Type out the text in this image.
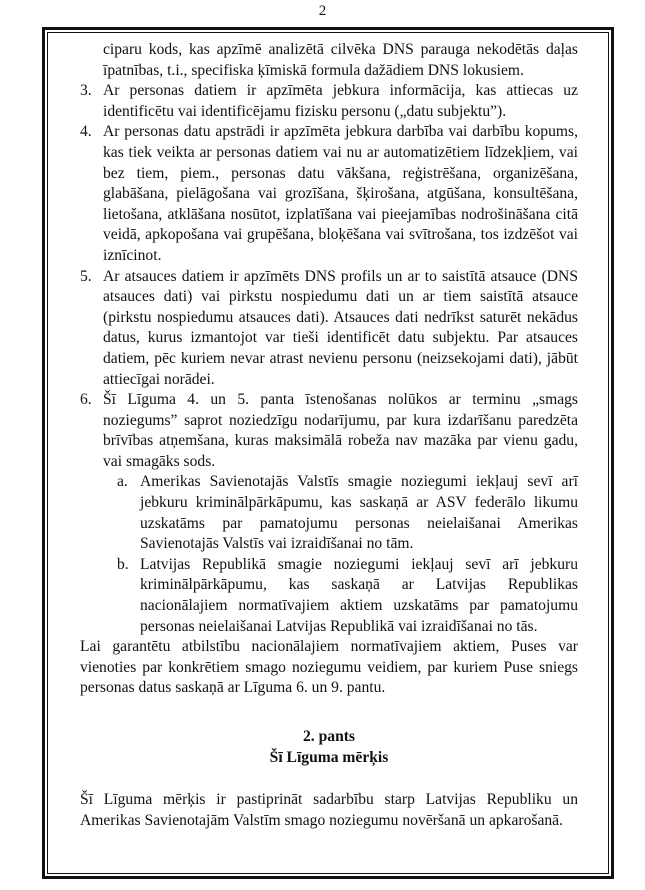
2

ciparu kods, kas apzīmē analizētā cilvēka DNS parauga nekodētās daļas īpatnības, t.i., specifiska ķīmiskā formula dažādiem DNS lokusiem.

3. Ar personas datiem ir apzīmēta jebkura informācija, kas attiecas uz identificētu vai identificējamu fizisku personu („datu subjektu”).
4. Ar personas datu apstrādi ir apzīmēta jebkura darbība vai darbību kopums, kas tiek veikta ar personas datiem vai nu ar automatizētiem līdzekļiem, vai bez tiem, piem., personas datu vākšana, reģistrēšana, organizēšana, glabāšana, pielāgošana vai grozīšana, šķirošana, atgūšana, konsultēšana, lietošana, atklāšana nosūtot, izplatīšana vai pieejamības nodrošināšana citā veidā, apkopošana vai grupēšana, bloķēšana vai svītrošana, tos izdzēšot vai iznīcinot.
5. Ar atsauces datiem ir apzīmēts DNS profils un ar to saistītā atsauce (DNS atsauces dati) vai pirkstu nospiedumu dati un ar tiem saistītā atsauce (pirkstu nospiedumu atsauces dati). Atsauces dati nedrīkst saturēt nekādus datus, kurus izmantojot var tieši identificēt datu subjektu. Par atsauces datiem, pēc kuriem nevar atrast nevienu personu (neizsekojami dati), jābūt attiecīgai norādei.
6. Šī Līguma 4. un 5. panta īstenošanas nolūkos ar terminu „smags noziegums” saprot noziedzīgu nodarījumu, par kura izdarīšanu paredzēta brīvības atņemšana, kuras maksimālā robeža nav mazāka par vienu gadu, vai smagāks sods.
a. Amerikas Savienotajās Valstīs smagie noziegumi iekļauj sevī arī jebkuru kriminālpārkāpumu, kas saskaņā ar ASV federālo likumu uzskatāms par pamatojumu personas neielaišanai Amerikas Savienotajās Valstīs vai izraidīšanai no tām.
b. Latvijas Republikā smagie noziegumi iekļauj sevī arī jebkuru kriminālpārkāpumu, kas saskaņā ar Latvijas Republikas nacionālajiem normatīvajiem aktiem uzskatāms par pamatojumu personas neielaišanai Latvijas Republikā vai izraidīšanai no tās.

Lai garantētu atbilstību nacionālajiem normatīvajiem aktiem, Puses var vienoties par konkrētiem smago noziegumu veidiem, par kuriem Puse sniegs personas datus saskaņā ar Līguma 6. un 9. pantu.

2. pants
Šī Līguma mērķis

Šī Līguma mērķis ir pastiprināt sadarbību starp Latvijas Republiku un Amerikas Savienotajām Valstīm smago noziegumu novēršanā un apkarošanā.
